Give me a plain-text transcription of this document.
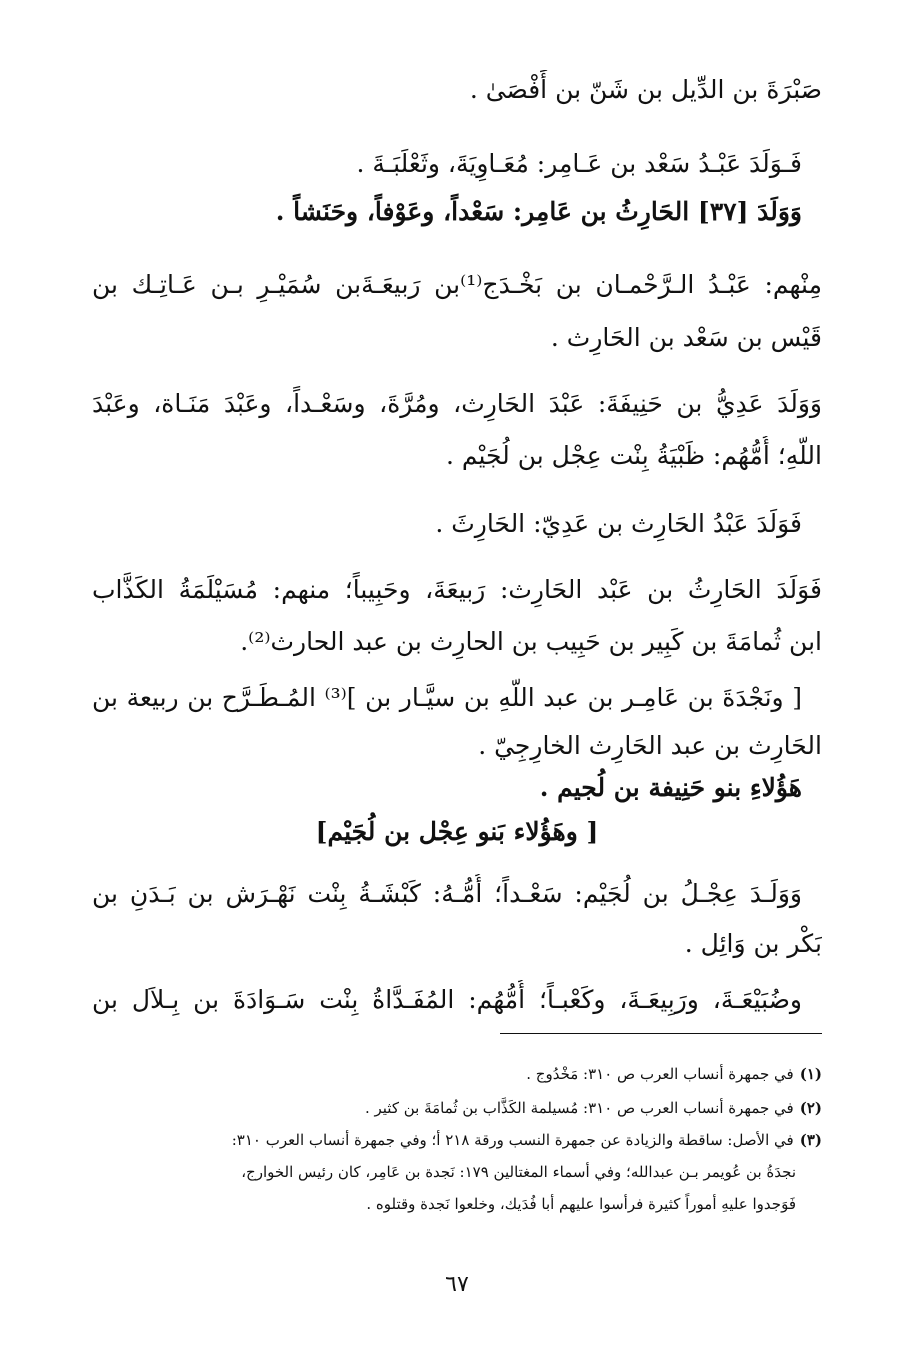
صَبْرَةَ بن الدِّيل بن شَنّ بن أَفْصَىٰ .

فَـوَلَدَ عَبْـدُ سَعْد بن عَـامِر: مُعَـاوِيَةَ، وثَعْلَبَـةَ .

وَوَلَدَ [٣٧] الحَارِثُ بن عَامِر: سَعْداً، وعَوْفاً، وحَنَشاً .

مِنْهم: عَبْـدُ الـرَّحْمـان بن بَخْـدَج⁽¹⁾بن رَبيعَـةَبن سُمَيْـرِ بـن عَـاتِـك بن

قَيْس بن سَعْد بن الحَارِث .

وَوَلَدَ عَدِيُّ بن حَنِيفَةَ: عَبْدَ الحَارِث، ومُرَّةَ، وسَعْـداً، وعَبْدَ مَنَـاة، وعَبْدَ

اللّهِ؛ أُمُّهُم: ظَبْيَةُ بِنْت عِجْل بن لُجَيْم .

فَوَلَدَ عَبْدُ الحَارِث بن عَدِيّ: الحَارِثَ .

فَوَلَدَ الحَارِثُ بن عَبْد الحَارِث: رَبيعَةَ، وحَبِيباً؛ منهم: مُسَيْلَمَةُ الكَذَّاب

ابن ثُمامَةَ بن كَبِير بن حَبِيب بن الحارِث بن عبد الحارث⁽²⁾.

[ ونَجْدَةَ بن عَامِـر بن عبد اللّهِ بن سيَّـار بن ]⁽³⁾ المُـطَـرَّح بن ربيعة بن

الحَارِث بن عبد الحَارِث الخارِجِيّ .

هَؤُلاءِ بنو حَنِيفة بن لُجيم .

[ وهَؤُلاء بَنو عِجْل بن لُجَيْم]

وَوَلَـدَ عِجْـلُ بن لُجَيْم: سَعْـداً؛ أُمُّـهُ: كَبْشَـةُ بِنْت نَهْـرَش بن بَـدَنِ بن

بَكْر بن وَائِل .

وضُبَيْعَـةَ، ورَبِيعَـةَ، وكَعْبـاً؛ أُمُّهُم: المُفَـدَّاةُ بِنْت سَـوَادَةَ بن بِـلاَل بن

(١)في جمهرة أنساب العرب ص ٣١٠: مَخْدُوج .

(٢)في جمهرة أنساب العرب ص ٣١٠: مُسيلمة الكَذَّاب بن ثُمامَةَ بن كثير .

(٣)في الأصل: ساقطة والزيادة عن جمهرة النسب ورقة ٢١٨ أ؛ وفي جمهرة أنساب العرب ٣١٠:

نجدَةُ بن عُويمر بـن عبدالله؛ وفي أسماء المغتالين ١٧٩: نَجدة بن عَامِر، كان رئيس الخوارج،

فَوَجدوا عليهِ أموراً كثيرة فرأسوا عليهم أبا فُدَيك، وخلعوا نَجدة وقتلوه .

٦٧
